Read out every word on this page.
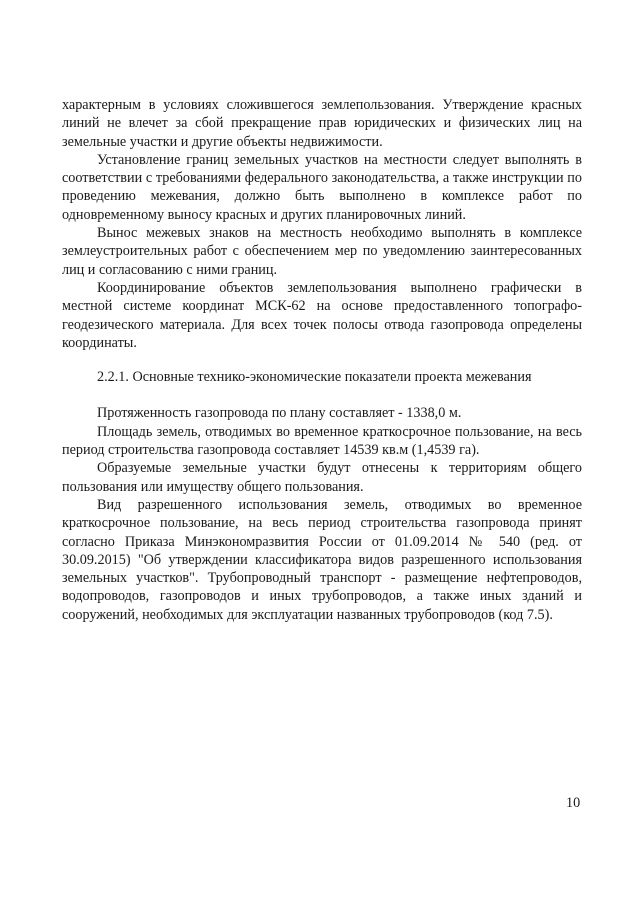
характерным в условиях сложившегося землепользования. Утверждение красных линий не влечет за сбой прекращение прав юридических и физических лиц на земельные участки и другие объекты недвижимости.

Установление границ земельных участков на местности следует выполнять в соответствии с требованиями федерального законодательства, а также инструкции по проведению межевания, должно быть выполнено в комплексе работ по одновременному выносу красных и других планировочных линий.

Вынос межевых знаков на местность необходимо выполнять в комплексе землеустроительных работ с обеспечением мер по уведомлению заинтересованных лиц и согласованию с ними границ.

Координирование объектов землепользования выполнено графически в местной системе координат МСК-62 на основе предоставленного топографо-геодезического материала. Для всех точек полосы отвода газопровода определены координаты.

2.2.1. Основные технико-экономические показатели проекта межевания

Протяженность газопровода по плану составляет - 1338,0 м.

Площадь земель, отводимых во временное краткосрочное пользование, на весь период строительства газопровода составляет 14539 кв.м (1,4539 га).

Образуемые земельные участки будут отнесены к территориям общего пользования или имуществу общего пользования.

Вид разрешенного использования земель, отводимых во временное краткосрочное пользование, на весь период строительства газопровода принят согласно Приказа Минэкономразвития России от 01.09.2014 № 540 (ред. от 30.09.2015) "Об утверждении классификатора видов разрешенного использования земельных участков". Трубопроводный транспорт - размещение нефтепроводов, водопроводов, газопроводов и иных трубопроводов, а также иных зданий и сооружений, необходимых для эксплуатации названных трубопроводов (код 7.5).

10
